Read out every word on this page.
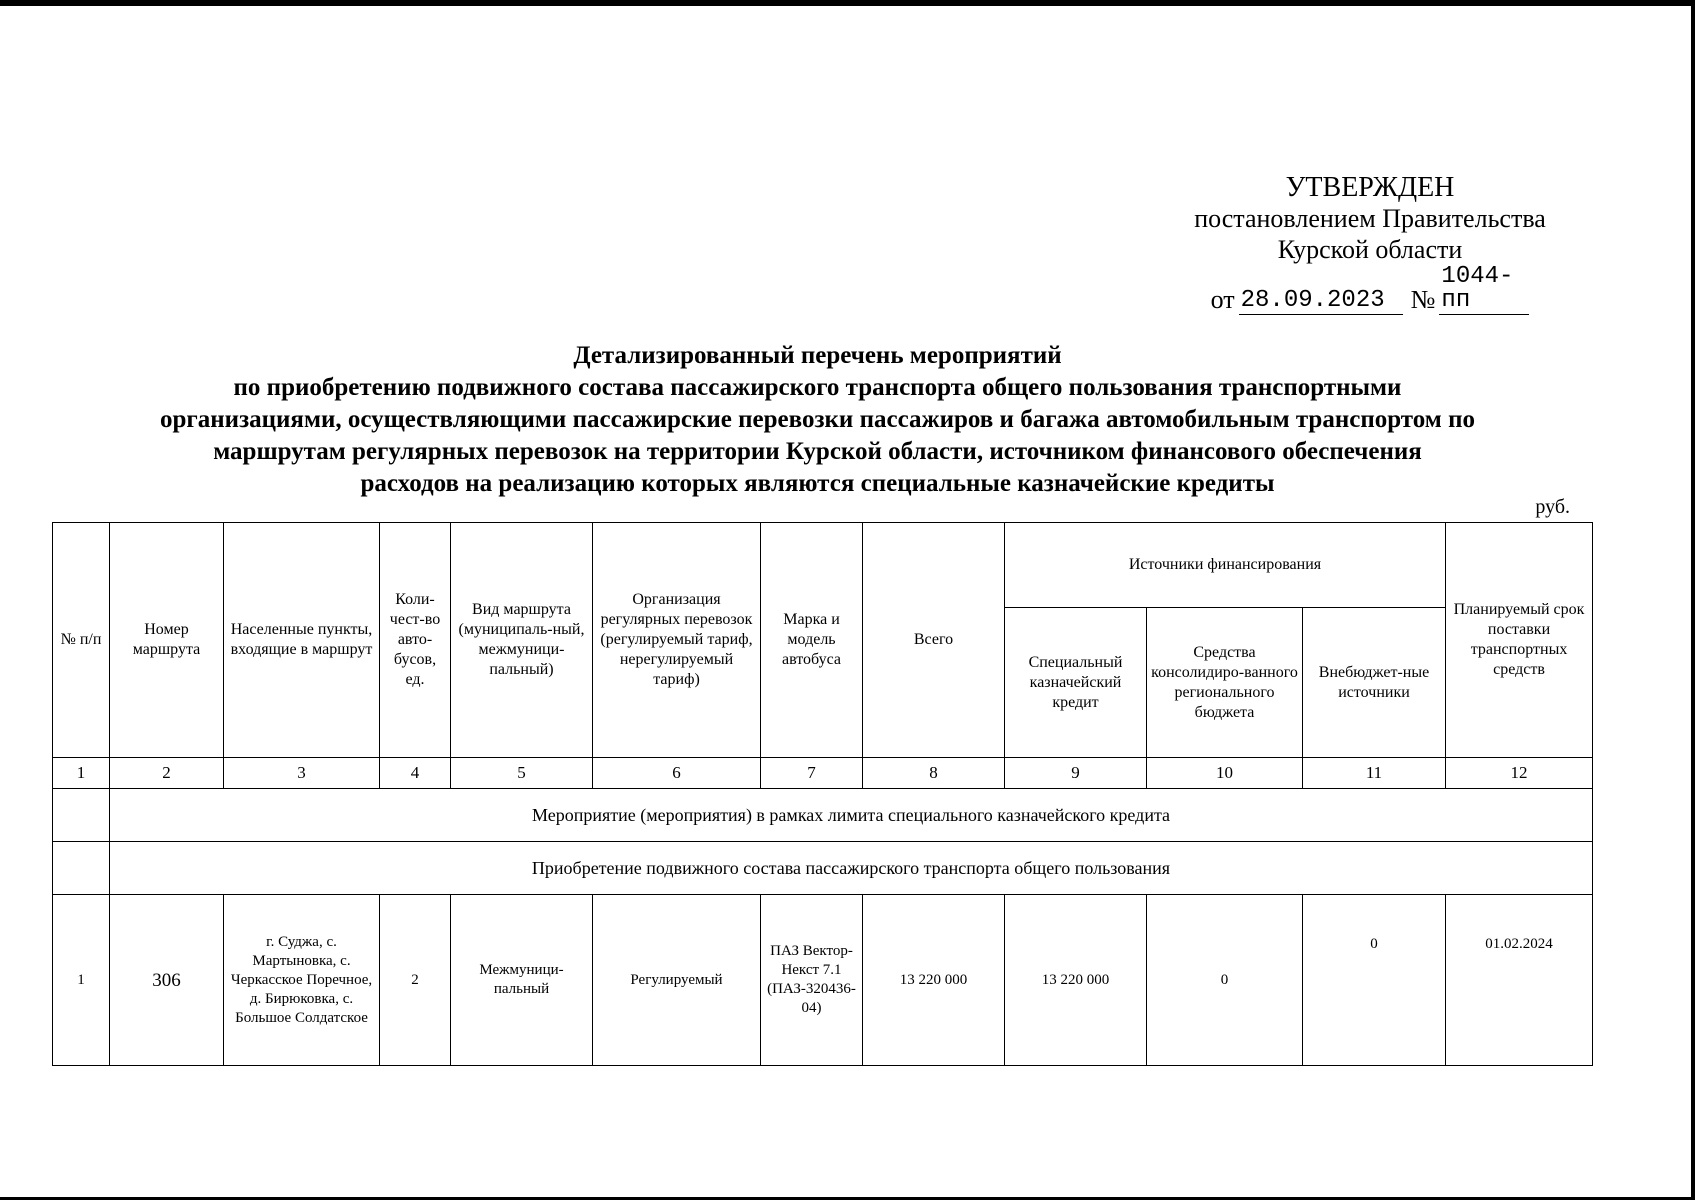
УТВЕРЖДЕН
постановлением Правительства
Курской области
от 28.09.2023 №
1044-пп
Детализированный перечень мероприятий
по приобретению подвижного состава пассажирского транспорта общего пользования транспортными
организациями, осуществляющими пассажирские перевозки пассажиров и багажа автомобильным транспортом по
маршрутам регулярных перевозок на территории Курской области, источником финансового обеспечения
расходов на реализацию которых являются специальные казначейские кредиты
руб.
№ п/п	Номер маршрута	Населенные пункты, входящие в маршрут	Коли-чест-во авто-бусов, ед.	Вид маршрута (муниципаль-ный, межмуници-пальный)	Организация регулярных перевозок (регулируемый тариф, нерегулируемый тариф)	Марка и модель автобуса	Всего	Источники финансирования			Планируемый срок поставки транспортных средств
								Специальный казначейский кредит	Средства консолидиро-ванного регионального бюджета	Внебюджет-ные источники	
1	2	3	4	5	6	7	8	9	10	11	12
	Мероприятие (мероприятия) в рамках лимита специального казначейского кредита										
	Приобретение подвижного состава пассажирского транспорта общего пользования										
1	306	г. Суджа, с. Мартыновка, с. Черкасское Поречное, д. Бирюковка, с. Большое Солдатское	2	Межмуници-пальный	Регулируемый	ПАЗ Вектор-Некст 7.1 (ПАЗ-320436-04)	13 220 000	13 220 000	0	0	01.02.2024
